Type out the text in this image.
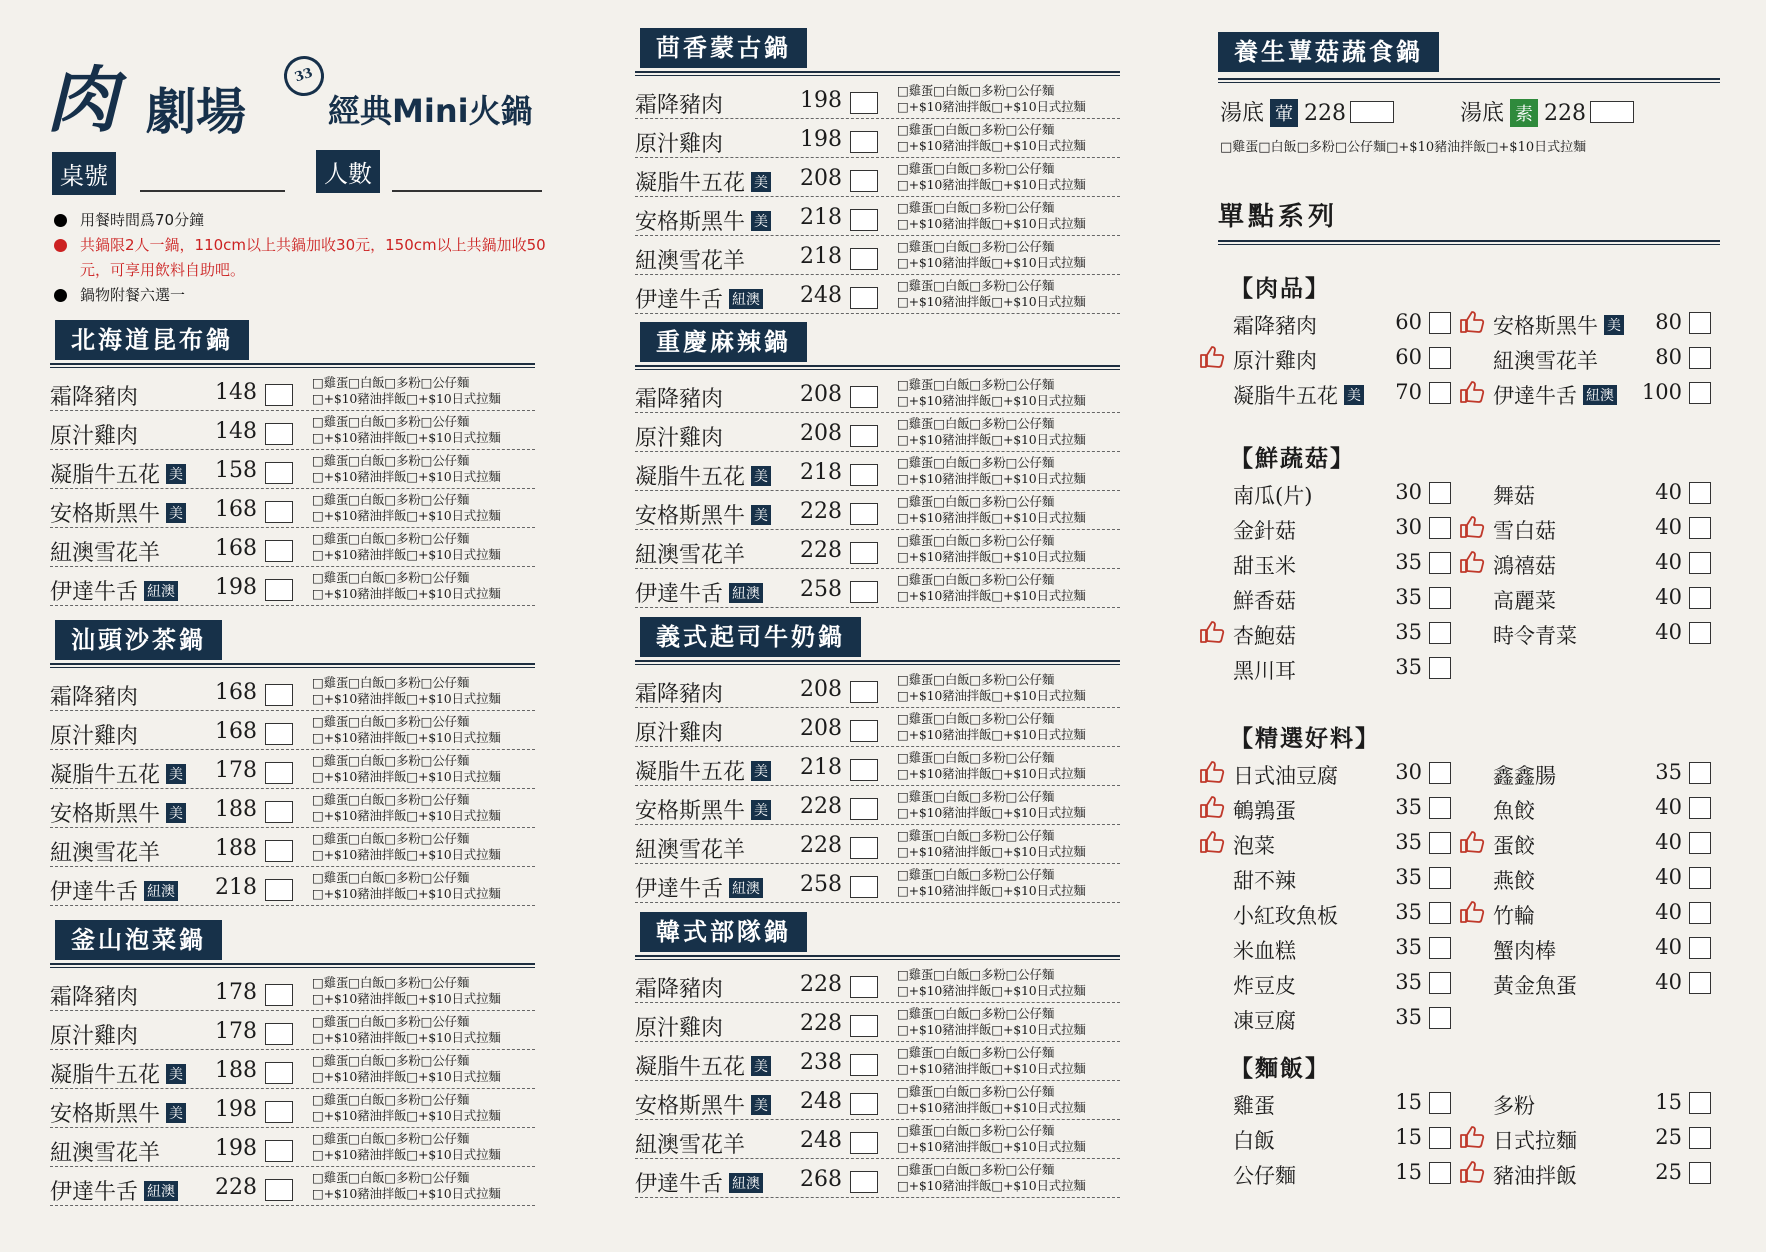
肉 劇場
33
經典Mini火鍋
桌號	人數
用餐時間爲70分鐘
共鍋限2人一鍋，110cm以上共鍋加收30元，150cm以上共鍋加收50元，可享用飲料自助吧。
鍋物附餐六選一
北海道昆布鍋
霜降豬肉	148	□雞蛋□白飯□多粉□公仔麵
□+$10豬油拌飯□+$10日式拉麵
原汁雞肉	148	□雞蛋□白飯□多粉□公仔麵
□+$10豬油拌飯□+$10日式拉麵
凝脂牛五花 美 158	□雞蛋□白飯□多粉□公仔麵
□+$10豬油拌飯□+$10日式拉麵
安格斯黑牛 美 168	□雞蛋□白飯□多粉□公仔麵
□+$10豬油拌飯□+$10日式拉麵
紐澳雪花羊 168	□雞蛋□白飯□多粉□公仔麵
□+$10豬油拌飯□+$10日式拉麵
伊達牛舌 紐澳 198	□雞蛋□白飯□多粉□公仔麵
□+$10豬油拌飯□+$10日式拉麵
汕頭沙茶鍋
霜降豬肉	168	□雞蛋□白飯□多粉□公仔麵
□+$10豬油拌飯□+$10日式拉麵
原汁雞肉	168	□雞蛋□白飯□多粉□公仔麵
□+$10豬油拌飯□+$10日式拉麵
凝脂牛五花 美 178	□雞蛋□白飯□多粉□公仔麵
□+$10豬油拌飯□+$10日式拉麵
安格斯黑牛 美 188	□雞蛋□白飯□多粉□公仔麵
□+$10豬油拌飯□+$10日式拉麵
紐澳雪花羊 188	□雞蛋□白飯□多粉□公仔麵
□+$10豬油拌飯□+$10日式拉麵
伊達牛舌 紐澳 218	□雞蛋□白飯□多粉□公仔麵
□+$10豬油拌飯□+$10日式拉麵
釜山泡菜鍋
霜降豬肉	178	□雞蛋□白飯□多粉□公仔麵
□+$10豬油拌飯□+$10日式拉麵
原汁雞肉	178	□雞蛋□白飯□多粉□公仔麵
□+$10豬油拌飯□+$10日式拉麵
凝脂牛五花 美 188	□雞蛋□白飯□多粉□公仔麵
□+$10豬油拌飯□+$10日式拉麵
安格斯黑牛 美 198	□雞蛋□白飯□多粉□公仔麵
□+$10豬油拌飯□+$10日式拉麵
紐澳雪花羊 198	□雞蛋□白飯□多粉□公仔麵
□+$10豬油拌飯□+$10日式拉麵
伊達牛舌 紐澳 228	□雞蛋□白飯□多粉□公仔麵
□+$10豬油拌飯□+$10日式拉麵
茴香蒙古鍋
霜降豬肉	198	□雞蛋□白飯□多粉□公仔麵
□+$10豬油拌飯□+$10日式拉麵
原汁雞肉	198	□雞蛋□白飯□多粉□公仔麵
□+$10豬油拌飯□+$10日式拉麵
凝脂牛五花 美 208	□雞蛋□白飯□多粉□公仔麵
□+$10豬油拌飯□+$10日式拉麵
安格斯黑牛 美 218	□雞蛋□白飯□多粉□公仔麵
□+$10豬油拌飯□+$10日式拉麵
紐澳雪花羊 218	□雞蛋□白飯□多粉□公仔麵
□+$10豬油拌飯□+$10日式拉麵
伊達牛舌 紐澳 248	□雞蛋□白飯□多粉□公仔麵
□+$10豬油拌飯□+$10日式拉麵
重慶麻辣鍋
霜降豬肉	208	□雞蛋□白飯□多粉□公仔麵
□+$10豬油拌飯□+$10日式拉麵
原汁雞肉	208	□雞蛋□白飯□多粉□公仔麵
□+$10豬油拌飯□+$10日式拉麵
凝脂牛五花 美 218	□雞蛋□白飯□多粉□公仔麵
□+$10豬油拌飯□+$10日式拉麵
安格斯黑牛 美 228	□雞蛋□白飯□多粉□公仔麵
□+$10豬油拌飯□+$10日式拉麵
紐澳雪花羊 228	□雞蛋□白飯□多粉□公仔麵
□+$10豬油拌飯□+$10日式拉麵
伊達牛舌 紐澳 258	□雞蛋□白飯□多粉□公仔麵
□+$10豬油拌飯□+$10日式拉麵
義式起司牛奶鍋
霜降豬肉	208	□雞蛋□白飯□多粉□公仔麵
□+$10豬油拌飯□+$10日式拉麵
原汁雞肉	208	□雞蛋□白飯□多粉□公仔麵
□+$10豬油拌飯□+$10日式拉麵
凝脂牛五花 美 218	□雞蛋□白飯□多粉□公仔麵
□+$10豬油拌飯□+$10日式拉麵
安格斯黑牛 美 228	□雞蛋□白飯□多粉□公仔麵
□+$10豬油拌飯□+$10日式拉麵
紐澳雪花羊 228	□雞蛋□白飯□多粉□公仔麵
□+$10豬油拌飯□+$10日式拉麵
伊達牛舌 紐澳 258	□雞蛋□白飯□多粉□公仔麵
□+$10豬油拌飯□+$10日式拉麵
韓式部隊鍋
霜降豬肉	228	□雞蛋□白飯□多粉□公仔麵
□+$10豬油拌飯□+$10日式拉麵
原汁雞肉	228	□雞蛋□白飯□多粉□公仔麵
□+$10豬油拌飯□+$10日式拉麵
凝脂牛五花 美 238	□雞蛋□白飯□多粉□公仔麵
□+$10豬油拌飯□+$10日式拉麵
安格斯黑牛 美 248	□雞蛋□白飯□多粉□公仔麵
□+$10豬油拌飯□+$10日式拉麵
紐澳雪花羊 248	□雞蛋□白飯□多粉□公仔麵
□+$10豬油拌飯□+$10日式拉麵
伊達牛舌 紐澳 268	□雞蛋□白飯□多粉□公仔麵
□+$10豬油拌飯□+$10日式拉麵
養生蕈菇蔬食鍋
湯底 葷 228	湯底 素 228
□雞蛋□白飯□多粉□公仔麵□+$10豬油拌飯□+$10日式拉麵
單點系列
【肉品】
霜降豬肉	60
原汁雞肉	60
凝脂牛五花 美	70
安格斯黑牛 美	80
紐澳雪花羊	80
伊達牛舌 紐澳 100
【鮮蔬菇】
南瓜(片)	30
金針菇	30
甜玉米	35
鮮香菇	35
杏鮑菇	35
黑川耳	35
舞菇	40
雪白菇	40
鴻禧菇	40
高麗菜	40
時令青菜	40
【精選好料】
日式油豆腐	30
鵪鶉蛋	35
泡菜	35
甜不辣	35
小紅玫魚板	35
米血糕	35
炸豆皮	35
凍豆腐	35
鑫鑫腸	35
魚餃	40
蛋餃	40
燕餃	40
竹輪	40
蟹肉棒	40
黃金魚蛋	40
【麵飯】
雞蛋	15
白飯	15
公仔麵	15
多粉	15
日式拉麵	25
豬油拌飯	25
